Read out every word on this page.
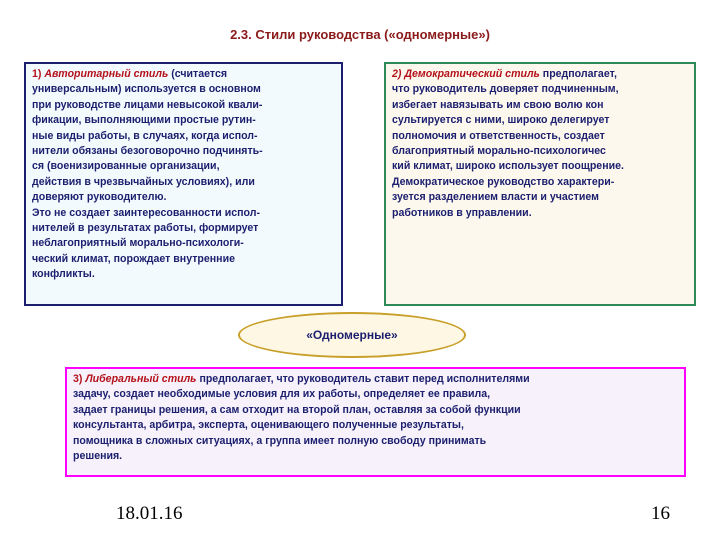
2.3. Стили руководства («одномерные»)

1) Авторитарный стиль (считается

универсальным) используется в основном

при руководстве лицами невысокой квали-

фикации, выполняющими простые рутин-

ные виды работы, в случаях, когда испол-

нители обязаны безоговорочно подчинять-

ся (военизированные организации,

действия в чрезвычайных условиях), или

доверяют руководителю.

Это не создает заинтересованности испол-

нителей в результатах работы, формирует

неблагоприятный морально-психологи-

ческий климат, порождает внутренние

конфликты.

2) Демократический стиль предполагает,

что руководитель доверяет подчиненным,

избегает навязывать им свою волю кон

сультируется с ними, широко делегирует

полномочия и ответственность, создает

благоприятный морально-психологичес

кий климат, широко использует поощрение.

Демократическое руководство характери-

зуется разделением власти и участием

работников в управлении.

«Одномерные»

3) Либеральный стиль предполагает, что руководитель ставит перед исполнителями

задачу, создает необходимые условия для их работы, определяет ее правила,

задает границы решения, а сам отходит на второй план, оставляя за собой функции

консультанта, арбитра, эксперта, оценивающего полученные результаты,

помощника в сложных ситуациях, а группа имеет полную свободу принимать

решения.

18.01.16	16
